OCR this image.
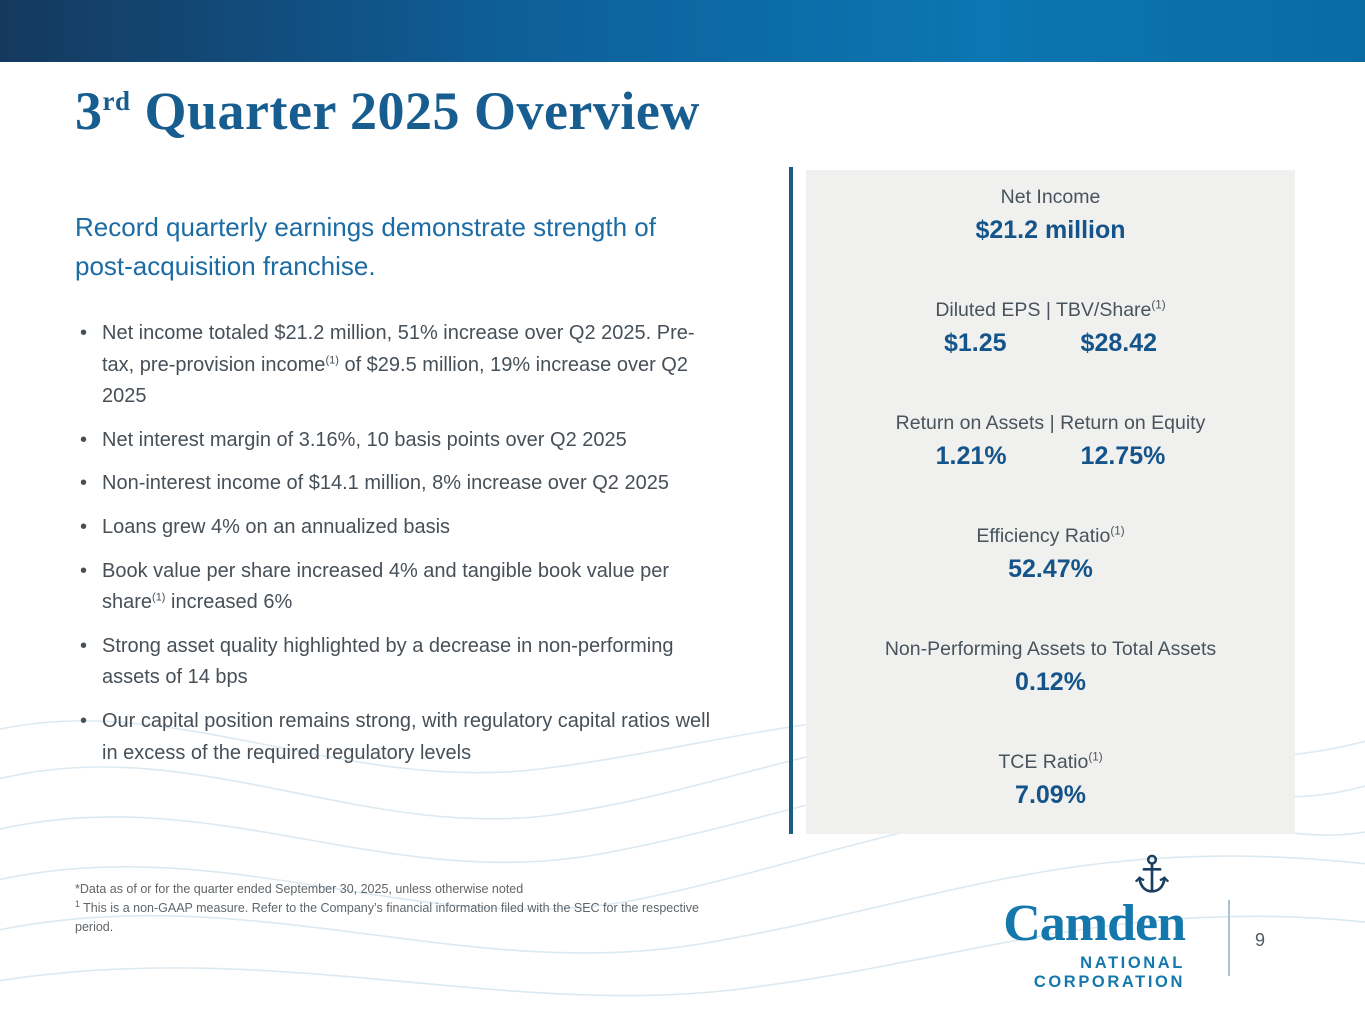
3rd Quarter 2025 Overview

Record quarterly earnings demonstrate strength of post-acquisition franchise.

• Net income totaled $21.2 million, 51% increase over Q2 2025. Pre-tax, pre-provision income$^{(1)}$ of $29.5 million, 19% increase over Q2 2025
• Net interest margin of 3.16%, 10 basis points over Q2 2025
• Non-interest income of $14.1 million, 8% increase over Q2 2025
• Loans grew 4% on an annualized basis
• Book value per share increased 4% and tangible book value per share$^{(1)}$ increased 6%
• Strong asset quality highlighted by a decrease in non-performing assets of 14 bps
• Our capital position remains strong, with regulatory capital ratios well in excess of the required regulatory levels

*Data as of or for the quarter ended September 30, 2025, unless otherwise noted

$^1$ This is a non-GAAP measure. Refer to the Company’s financial information filed with the SEC for the respective period.

Net Income
$21.2 million
Diluted EPS | TBV/Share$^{(1)}$
$1.25	$28.42
Return on Assets | Return on Equity
1.21%	12.75%
Efficiency Ratio$^{(1)}$
52.47%
Non-Performing Assets to Total Assets
0.12%
TCE Ratio$^{(1)}$
7.09%
Camden
NATIONAL
CORPORATION
9
